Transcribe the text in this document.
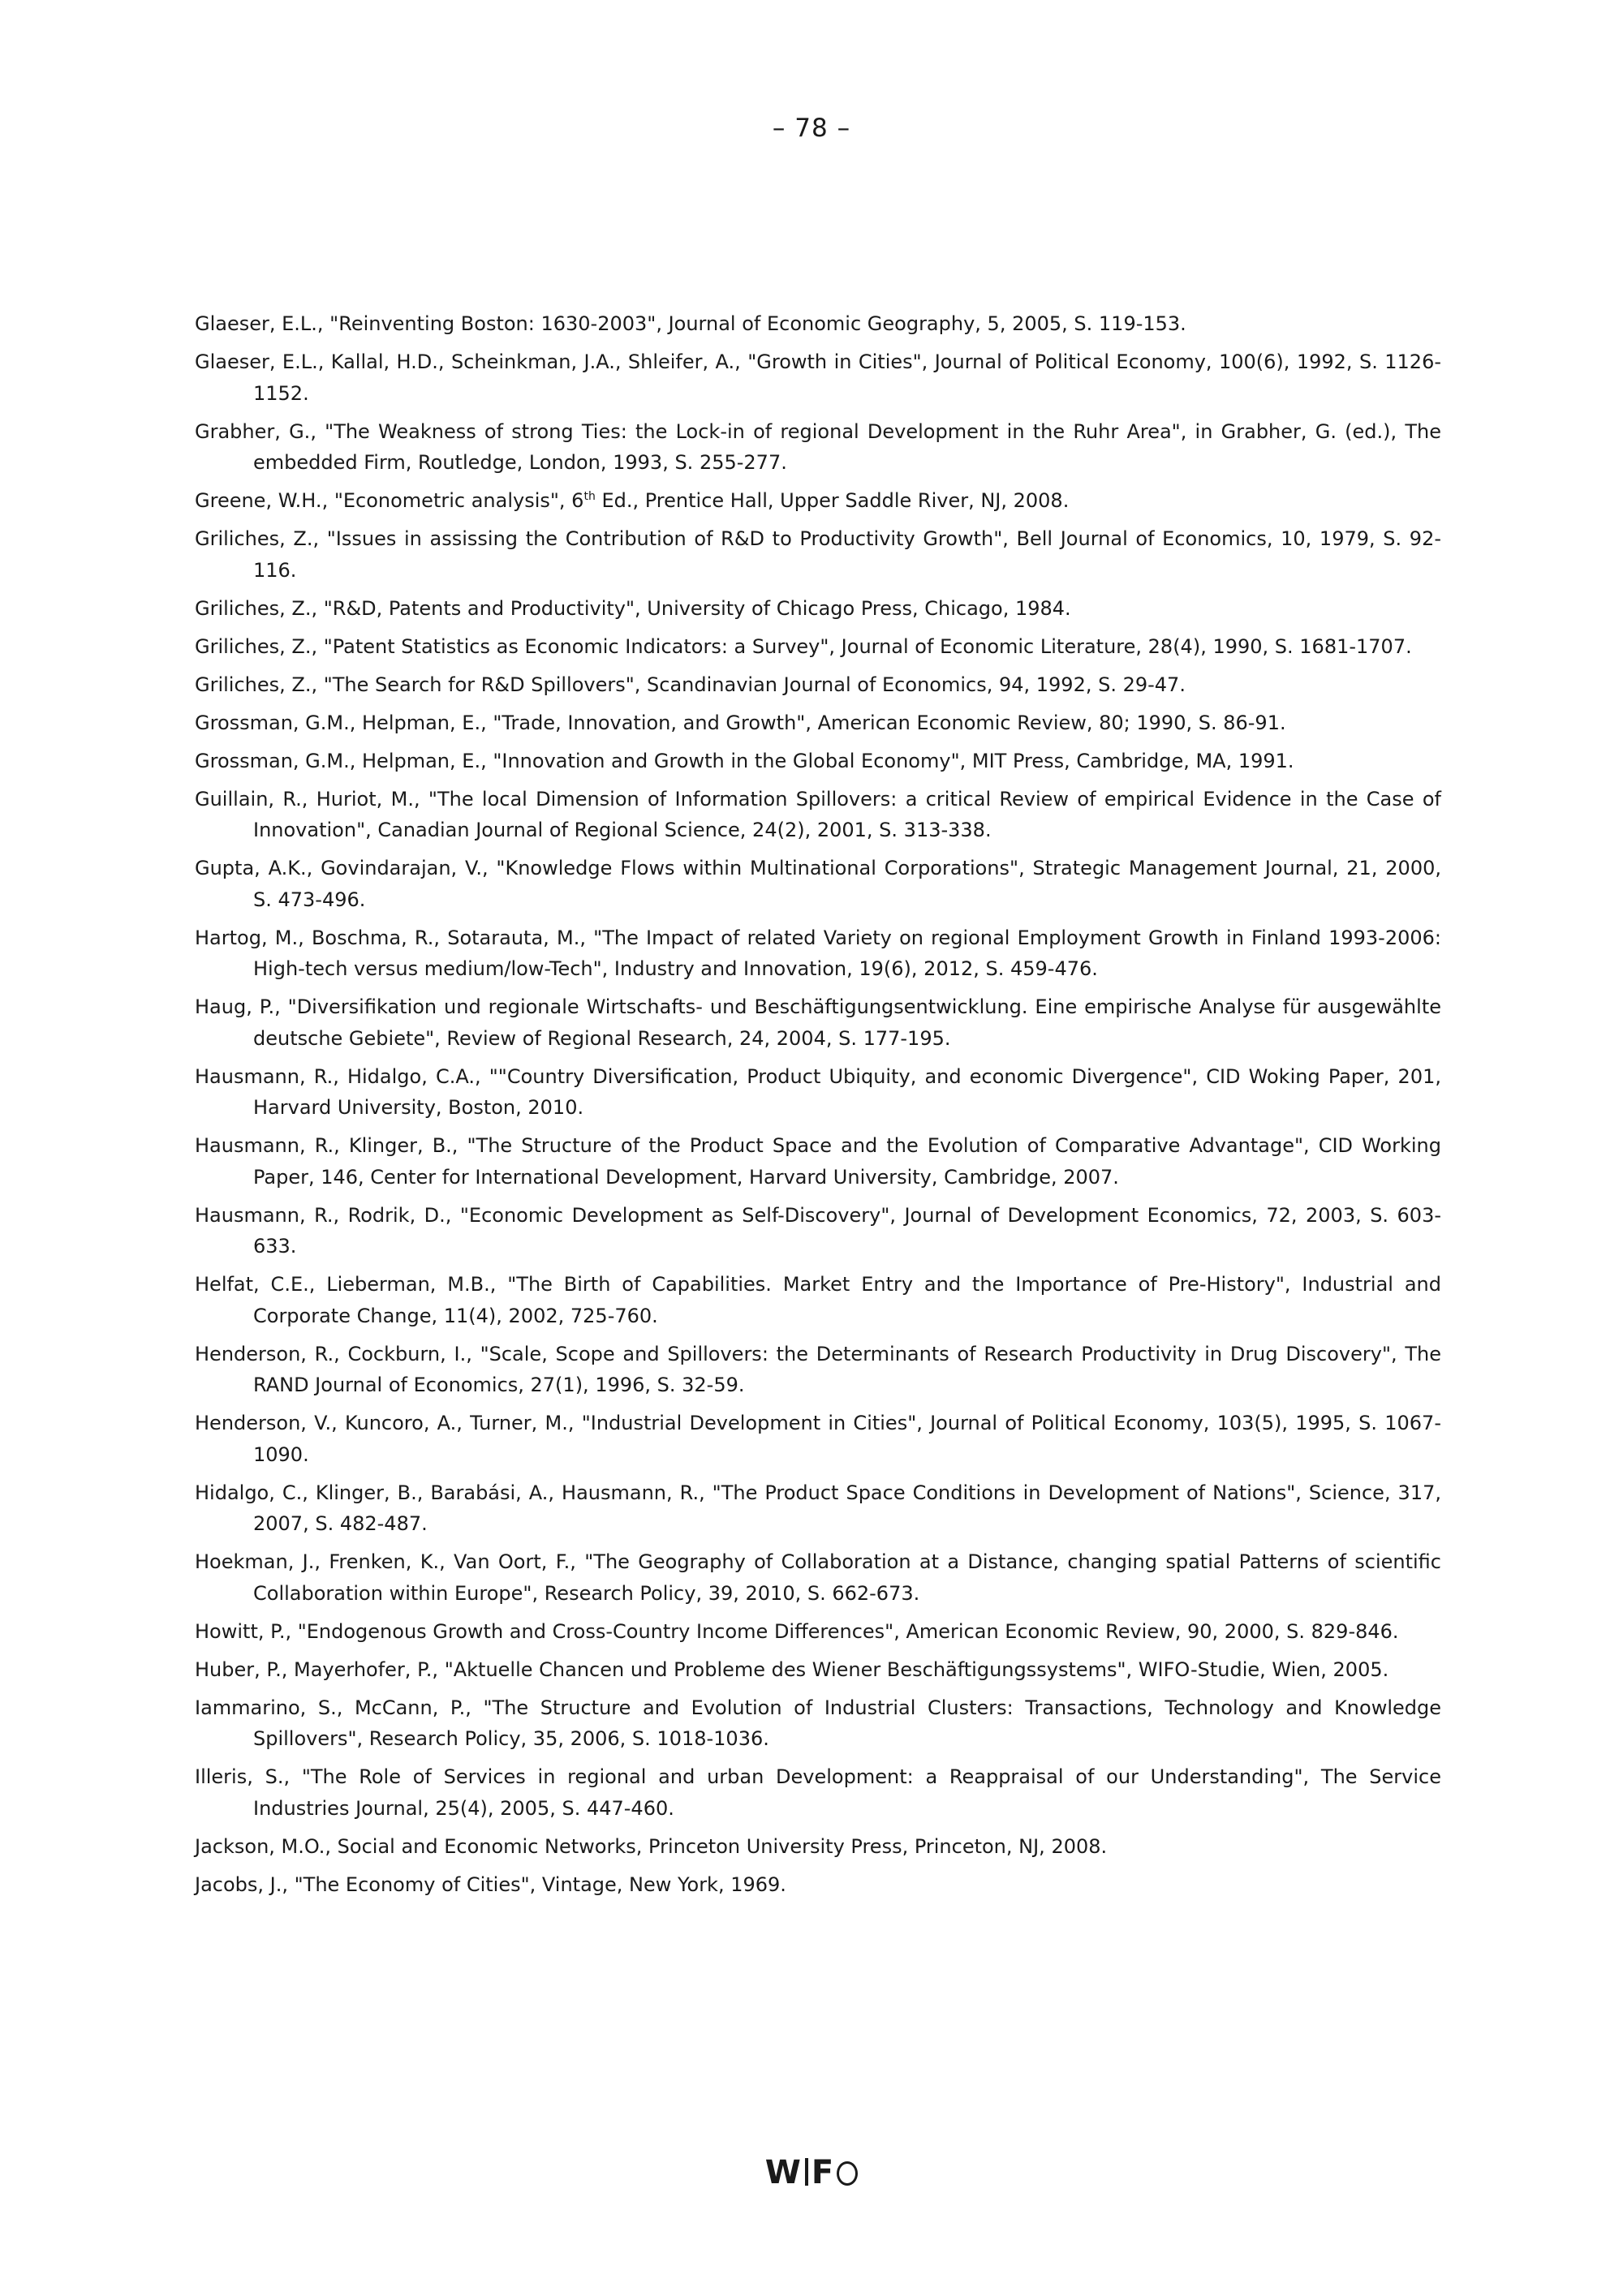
– 78 –
Glaeser, E.L., "Reinventing Boston: 1630-2003", Journal of Economic Geography, 5, 2005, S. 119-153.
Glaeser, E.L., Kallal, H.D., Scheinkman, J.A., Shleifer, A., "Growth in Cities", Journal of Political Economy, 100(6), 1992, S. 1126-1152.
Grabher, G., "The Weakness of strong Ties: the Lock-in of regional Development in the Ruhr Area", in Grabher, G. (ed.), The embedded Firm, Routledge, London, 1993, S. 255-277.
Greene, W.H., "Econometric analysis", 6th Ed., Prentice Hall, Upper Saddle River, NJ, 2008.
Griliches, Z., "Issues in assissing the Contribution of R&D to Productivity Growth", Bell Journal of Economics, 10, 1979, S. 92-116.
Griliches, Z., "R&D, Patents and Productivity", University of Chicago Press, Chicago, 1984.
Griliches, Z., "Patent Statistics as Economic Indicators: a Survey", Journal of Economic Literature, 28(4), 1990, S. 1681-1707.
Griliches, Z., "The Search for R&D Spillovers", Scandinavian Journal of Economics, 94, 1992, S. 29-47.
Grossman, G.M., Helpman, E., "Trade, Innovation, and Growth", American Economic Review, 80; 1990, S. 86-91.
Grossman, G.M., Helpman, E., "Innovation and Growth in the Global Economy", MIT Press, Cambridge, MA, 1991.
Guillain, R., Huriot, M., "The local Dimension of Information Spillovers: a critical Review of empirical Evidence in the Case of Innovation", Canadian Journal of Regional Science, 24(2), 2001, S. 313-338.
Gupta, A.K., Govindarajan, V., "Knowledge Flows within Multinational Corporations", Strategic Management Journal, 21, 2000, S. 473-496.
Hartog, M., Boschma, R., Sotarauta, M., "The Impact of related Variety on regional Employment Growth in Finland 1993-2006: High-tech versus medium/low-Tech", Industry and Innovation, 19(6), 2012, S. 459-476.
Haug, P., "Diversifikation und regionale Wirtschafts- und Beschäftigungsentwicklung. Eine empirische Analyse für ausgewählte deutsche Gebiete", Review of Regional Research, 24, 2004, S. 177-195.
Hausmann, R., Hidalgo, C.A., ""Country Diversification, Product Ubiquity, and economic Divergence", CID Woking Paper, 201, Harvard University, Boston, 2010.
Hausmann, R., Klinger, B., "The Structure of the Product Space and the Evolution of Comparative Advantage", CID Working Paper, 146, Center for International Development, Harvard University, Cambridge, 2007.
Hausmann, R., Rodrik, D., "Economic Development as Self-Discovery", Journal of Development Economics, 72, 2003, S. 603-633.
Helfat, C.E., Lieberman, M.B., "The Birth of Capabilities. Market Entry and the Importance of Pre-History", Industrial and Corporate Change, 11(4), 2002, 725-760.
Henderson, R., Cockburn, I., "Scale, Scope and Spillovers: the Determinants of Research Productivity in Drug Discovery", The RAND Journal of Economics, 27(1), 1996, S. 32-59.
Henderson, V., Kuncoro, A., Turner, M., "Industrial Development in Cities", Journal of Political Economy, 103(5), 1995, S. 1067-1090.
Hidalgo, C., Klinger, B., Barabási, A., Hausmann, R., "The Product Space Conditions in Development of Nations", Science, 317, 2007, S. 482-487.
Hoekman, J., Frenken, K., Van Oort, F., "The Geography of Collaboration at a Distance, changing spatial Patterns of scientific Collaboration within Europe", Research Policy, 39, 2010, S. 662-673.
Howitt, P., "Endogenous Growth and Cross-Country Income Differences", American Economic Review, 90, 2000, S. 829-846.
Huber, P., Mayerhofer, P., "Aktuelle Chancen und Probleme des Wiener Beschäftigungssystems", WIFO-Studie, Wien, 2005.
Iammarino, S., McCann, P., "The Structure and Evolution of Industrial Clusters: Transactions, Technology and Knowledge Spillovers", Research Policy, 35, 2006, S. 1018-1036.
Illeris, S., "The Role of Services in regional and urban Development: a Reappraisal of our Understanding", The Service Industries Journal, 25(4), 2005, S. 447-460.
Jackson, M.O., Social and Economic Networks, Princeton University Press, Princeton, NJ, 2008.
Jacobs, J., "The Economy of Cities", Vintage, New York, 1969.
W F
